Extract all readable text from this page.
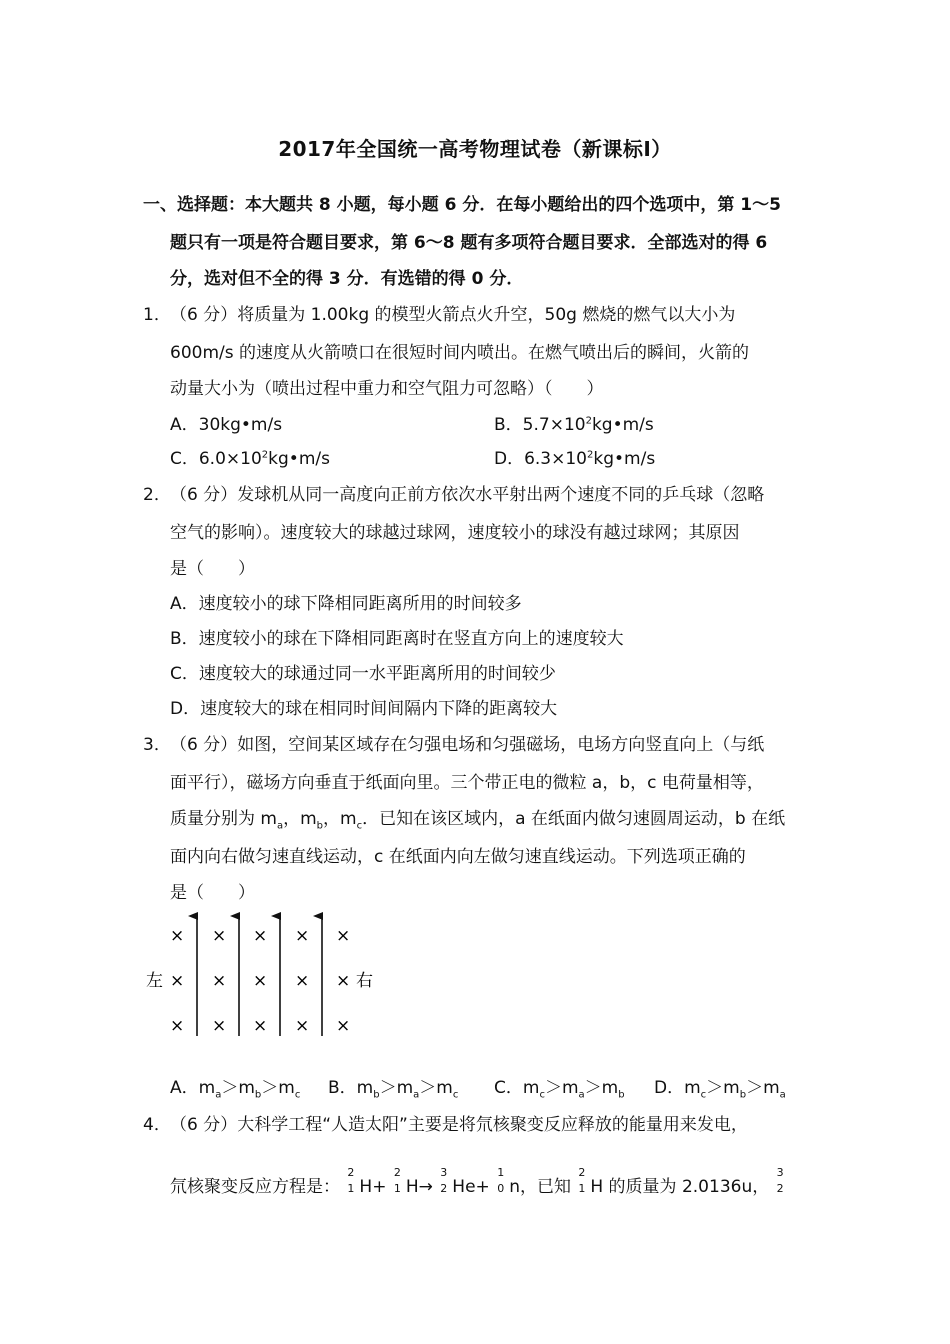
2017年全国统一高考物理试卷（新课标Ⅰ）
一、选择题：本大题共 8 小题，每小题 6 分．在每小题给出的四个选项中，第 1～5
题只有一项是符合题目要求，第 6～8 题有多项符合题目要求．全部选对的得 6
分，选对但不全的得 3 分．有选错的得 0 分．
1． （6 分）将质量为 1.00kg 的模型火箭点火升空，50g 燃烧的燃气以大小为
600m/s 的速度从火箭喷口在很短时间内喷出。在燃气喷出后的瞬间，火箭的
动量大小为（喷出过程中重力和空气阻力可忽略）（　　）
A．30kg•m/s	B．$5.7\times 10^2kg•m/s$
C．$6.0\times 10^2kg•m/s$	D．$6.3\times 10^2kg•m/s$
2． （6 分）发球机从同一高度向正前方依次水平射出两个速度不同的乒乓球（忽略
空气的影响）。速度较大的球越过球网，速度较小的球没有越过球网；其原因
是（　　）
A．速度较小的球下降相同距离所用的时间较多
B．速度较小的球在下降相同距离时在竖直方向上的速度较大
C．速度较大的球通过同一水平距离所用的时间较少
D．速度较大的球在相同时间间隔内下降的距离较大
3． （6 分）如图，空间某区域存在匀强电场和匀强磁场，电场方向竖直向上（与纸
面平行），磁场方向垂直于纸面向里。三个带正电的微粒 a，b，c 电荷量相等，
质量分别为 $m_a$，$m_b$，$m_c$．已知在该区域内，a 在纸面内做匀速圆周运动，b 在纸
面内向右做匀速直线运动，c 在纸面内向左做匀速直线运动。下列选项正确的
是（　　）
左	右
× × × × ×
× × × × ×
× × × × ×
A．$m_a>m_b>m_c$ B．$m_b>m_a>m_c$ C．$m_c>m_a>m_b$ D．$m_c>m_b>m_a$
4． （6 分）大科学工程“人造太阳”主要是将氘核聚变反应释放的能量用来发电，
氘核聚变反应方程是：
2
1 H+
2
1 H→
3
2 He+
1
0 n，已知
2
1 H 的质量为 2.0136u，
3
2
